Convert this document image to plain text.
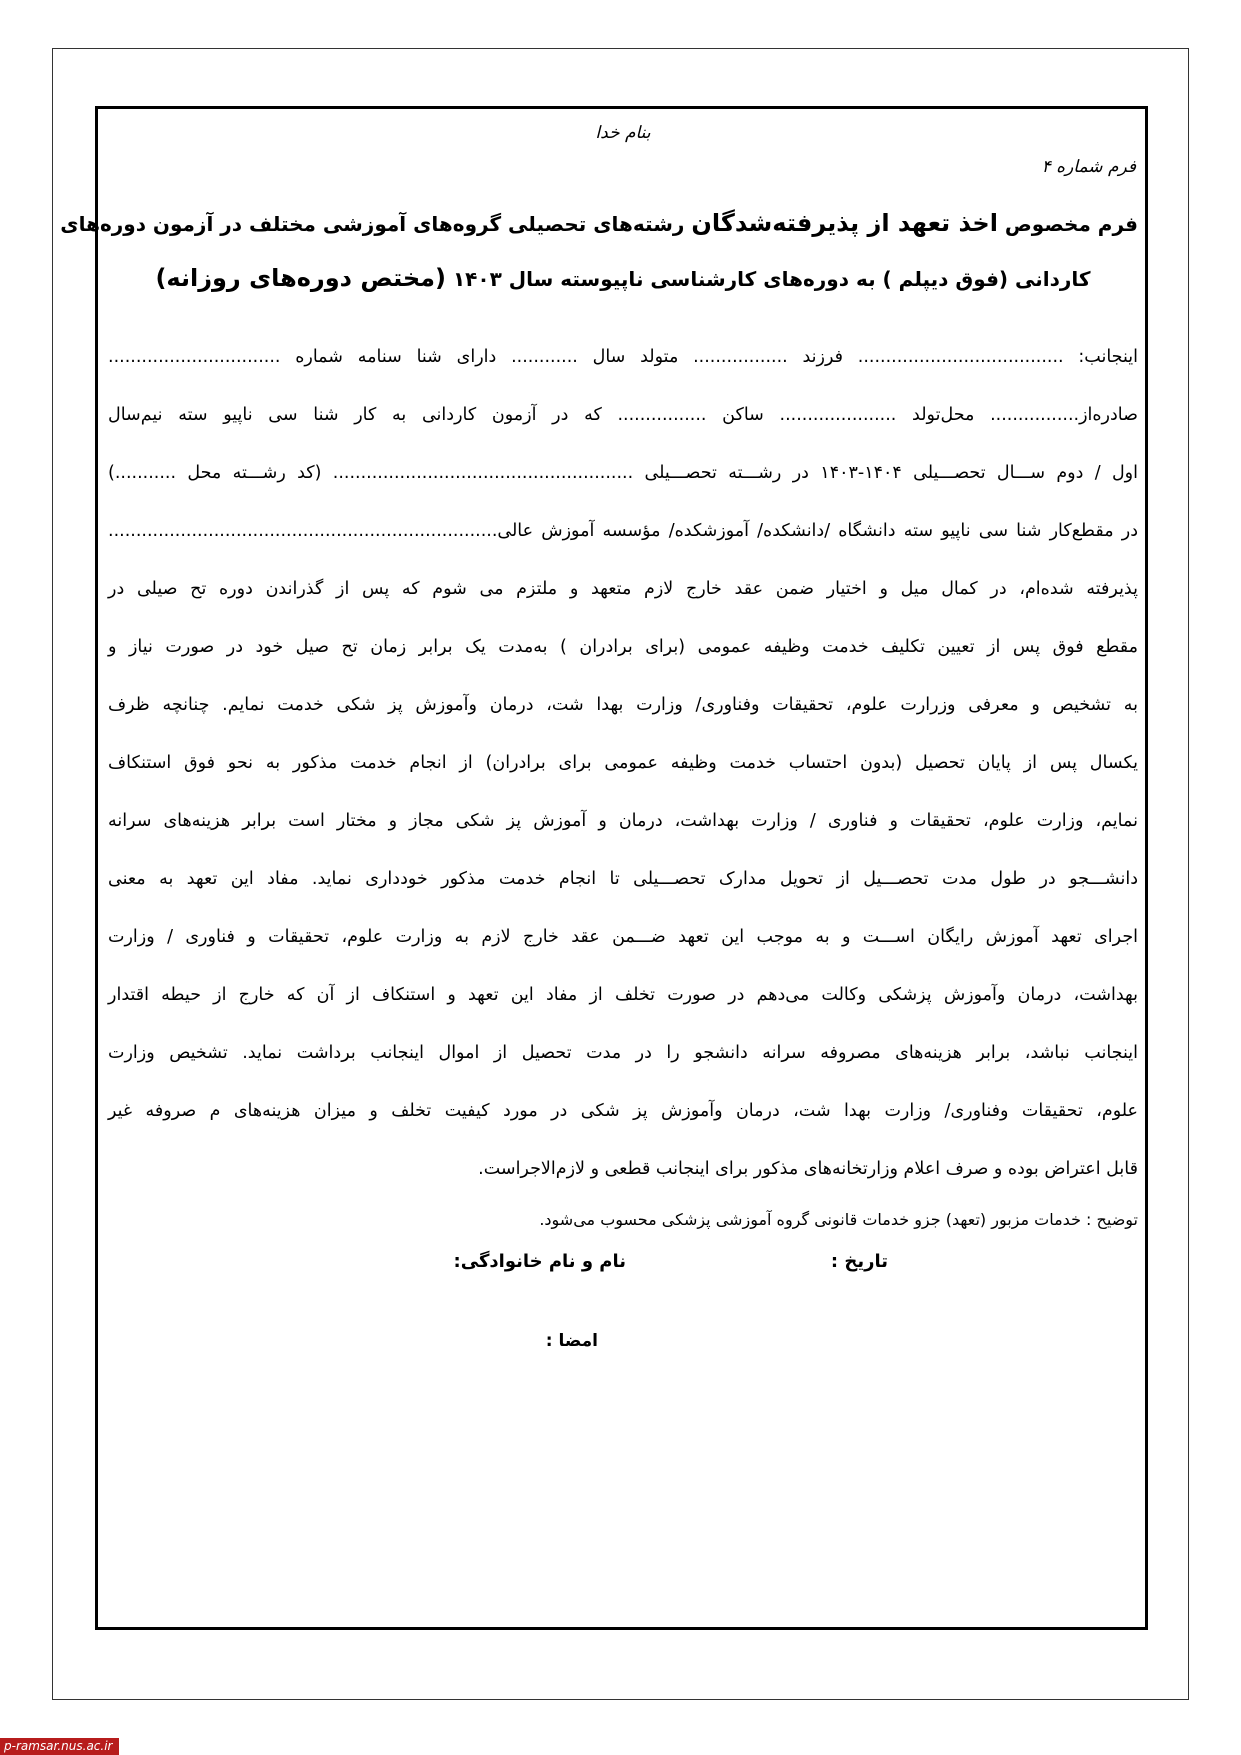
بنام خدا

فرم شماره ۴

فرم مخصوص اخذ تعهد از پذیرفته‌شدگان رشته‌های تحصیلی گروه‌های آموزشی مختلف در آزمون دوره‌های

کاردانی (فوق دیپلم ) به دوره‌های کارشناسی ناپیوسته سال ۱۴۰۳ (مختص دوره‌های روزانه)

اینجانب: ..................................... فرزند ................. متولد سال ............ دارای شنا سنامه شماره ...............................

صادره‌از................ محل‌تولد ..................... ساکن ................ که در آزمون کاردانی به کار شنا سی ناپیو سته نیم‌سال

اول / دوم ســـال تحصـــیلی ۱۴۰۴-۱۴۰۳ در رشـــته تحصـــیلی ...................................................... (کد رشـــته محل ...........)

در مقطع‌کار شنا سی ناپیو سته دانشگاه /دانشکده/ آموزشکده/ مؤسسه آموزش عالی......................................................................

پذیرفته شده‌ام، در کمال میل و اختیار ضمن عقد خارج لازم متعهد و ملتزم می شوم که پس از گذراندن دوره تح صیلی در

مقطع فوق پس از تعیین تکلیف خدمت وظیفه عمومی (برای برادران ) به‌مدت یک برابر زمان تح صیل خود در صورت نیاز و

به تشخیص و معرفی وزرارت علوم، تحقیقات وفناوری/ وزارت بهدا شت، درمان وآموزش پز شکی خدمت نمایم. چنانچه ظرف

یکسال پس از پایان تحصیل (بدون احتساب خدمت وظیفه عمومی برای برادران) از انجام خدمت مذکور به نحو فوق استنکاف

نمایم، وزارت علوم، تحقیقات و فناوری / وزارت بهداشت، درمان و آموزش پز شکی مجاز و مختار است برابر هزینه‌های سرانه

دانشـــجو در طول مدت تحصـــیل از تحویل مدارک تحصـــیلی تا انجام خدمت مذکور خودداری نماید. مفاد این تعهد به معنی

اجرای تعهد آموزش رایگان اســـت و به موجب این تعهد ضـــمن عقد خارج لازم به وزارت علوم، تحقیقات و فناوری / وزارت

بهداشت، درمان وآموزش پزشکی وکالت می‌دهم در صورت تخلف از مفاد این تعهد و استنکاف از آن که خارج از حیطه اقتدار

اینجانب نباشد، برابر هزینه‌های مصروفه سرانه دانشجو را در مدت تحصیل از اموال اینجانب برداشت نماید. تشخیص وزارت

علوم، تحقیقات وفناوری/ وزارت بهدا شت، درمان وآموزش پز شکی در مورد کیفیت تخلف و میزان هزینه‌های م صروفه غیر

قابل اعتراض بوده و صرف اعلام وزارتخانه‌های مذکور برای اینجانب قطعی و لازم‌الاجراست.

توضیح : خدمات مزبور (تعهد) جزو خدمات قانونی گروه آموزشی پزشکی محسوب می‌شود.

تاریخ :
نام و نام خانوادگی:
امضا :
p-ramsar.nus.ac.ir
